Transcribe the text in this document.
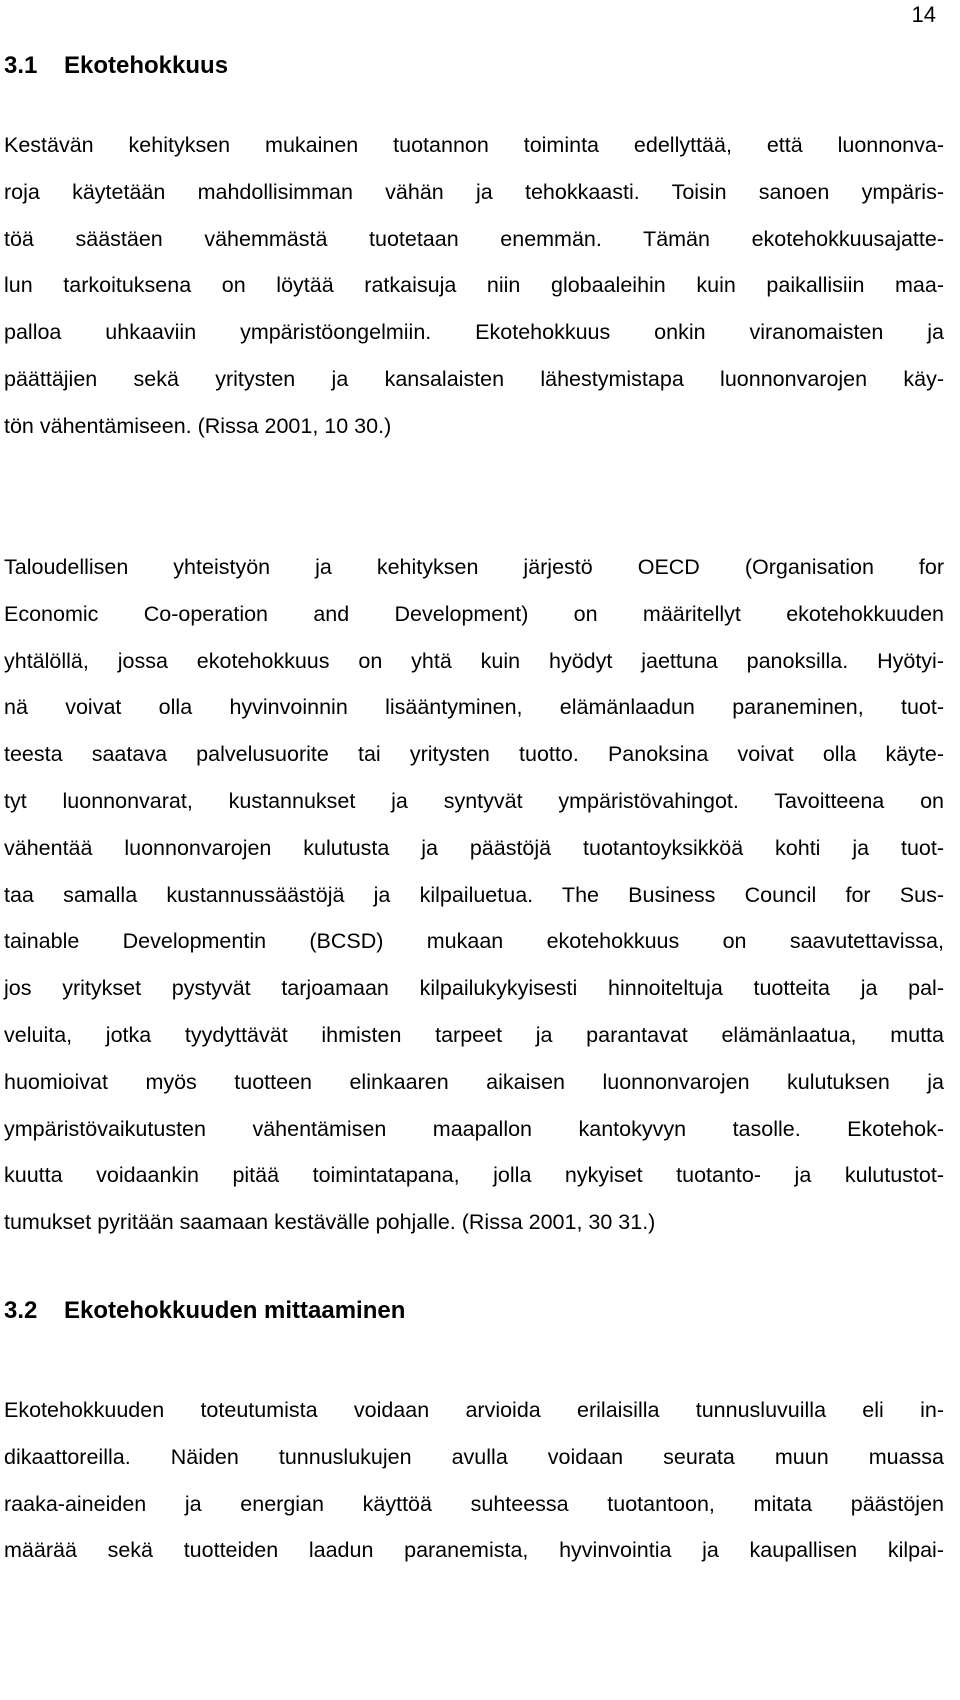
14
3.1 Ekotehokkuus
Kestävän kehityksen mukainen tuotannon toiminta edellyttää, että luonnonva-
roja käytetään mahdollisimman vähän ja tehokkaasti. Toisin sanoen ympäris-
töä säästäen vähemmästä tuotetaan enemmän. Tämän ekotehokkuusajatte-
lun tarkoituksena on löytää ratkaisuja niin globaaleihin kuin paikallisiin maa-
palloa uhkaaviin ympäristöongelmiin. Ekotehokkuus onkin viranomaisten ja
päättäjien sekä yritysten ja kansalaisten lähestymistapa luonnonvarojen käy-
tön vähentämiseen. (Rissa 2001, 10 30.)
Taloudellisen yhteistyön ja kehityksen järjestö OECD (Organisation for
Economic Co-operation and Development) on määritellyt ekotehokkuuden
yhtälöllä, jossa ekotehokkuus on yhtä kuin hyödyt jaettuna panoksilla. Hyötyi-
nä voivat olla hyvinvoinnin lisääntyminen, elämänlaadun paraneminen, tuot-
teesta saatava palvelusuorite tai yritysten tuotto. Panoksina voivat olla käyte-
tyt luonnonvarat, kustannukset ja syntyvät ympäristövahingot. Tavoitteena on
vähentää luonnonvarojen kulutusta ja päästöjä tuotantoyksikköä kohti ja tuot-
taa samalla kustannussäästöjä ja kilpailuetua. The Business Council for Sus-
tainable Developmentin (BCSD) mukaan ekotehokkuus on saavutettavissa,
jos yritykset pystyvät tarjoamaan kilpailukykyisesti hinnoiteltuja tuotteita ja pal-
veluita, jotka tyydyttävät ihmisten tarpeet ja parantavat elämänlaatua, mutta
huomioivat myös tuotteen elinkaaren aikaisen luonnonvarojen kulutuksen ja
ympäristövaikutusten vähentämisen maapallon kantokyvyn tasolle. Ekotehok-
kuutta voidaankin pitää toimintatapana, jolla nykyiset tuotanto- ja kulutustot-
tumukset pyritään saamaan kestävälle pohjalle. (Rissa 2001, 30 31.)
3.2 Ekotehokkuuden mittaaminen
Ekotehokkuuden toteutumista voidaan arvioida erilaisilla tunnusluvuilla eli in-
dikaattoreilla. Näiden tunnuslukujen avulla voidaan seurata muun muassa
raaka-aineiden ja energian käyttöä suhteessa tuotantoon, mitata päästöjen
määrää sekä tuotteiden laadun paranemista, hyvinvointia ja kaupallisen kilpai-
